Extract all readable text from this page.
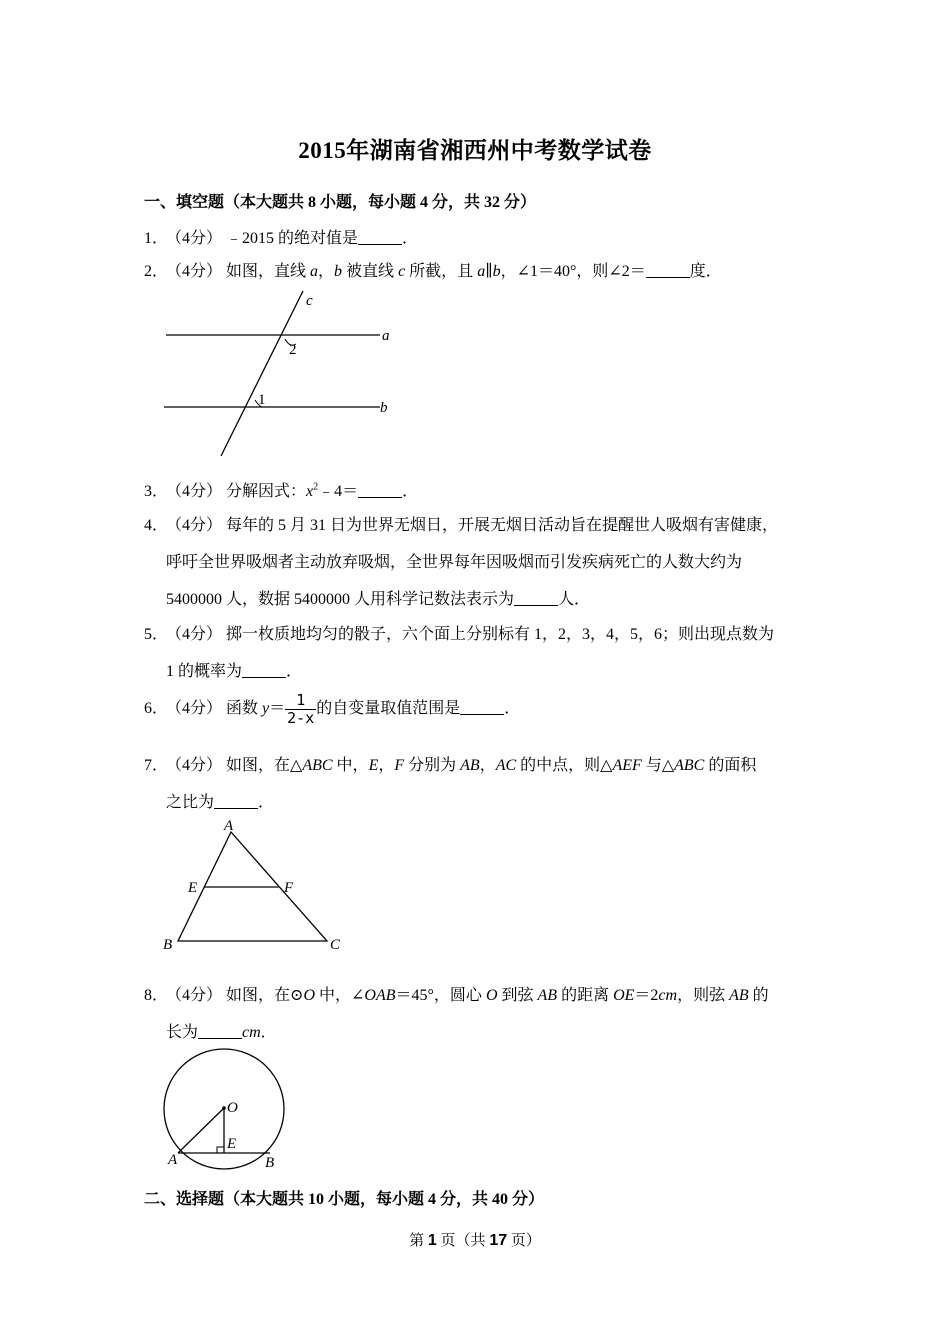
2015年湖南省湘西州中考数学试卷
一、填空题（本大题共 8 小题，每小题 4 分，共 32 分）
1．（4分） ﹣2015 的绝对值是	．
2．（4分） 如图，直线 a，b 被直线 c 所截，且 a∥b，∠1＝40°，则∠2＝	度．
c
a
2
1	b
3．（4分） 分解因式：$x^2﹣4=$	．
4．（4分） 每年的 5 月 31 日为世界无烟日，开展无烟日活动旨在提醒世人吸烟有害健康，
呼吁全世界吸烟者主动放弃吸烟，全世界每年因吸烟而引发疾病死亡的人数大约为
5400000 人，数据 5400000 人用科学记数法表示为	人．
5．（4分） 掷一枚质地均匀的骰子，六个面上分别标有 1，2，3，4，5，6；则出现点数为
1 的概率为	．
6．（4分） 函数 $y= \frac{1}{2-x}$ 的自变量取值范围是	．
7．（4分） 如图，在△ABC 中，E，F 分别为 AB，AC 的中点，则△AEF 与△ABC 的面积
之比为	．
A
E	F
B	C
8．（4分） 如图，在⊙O 中，∠OAB＝45°，圆心 O 到弦 AB 的距离 OE＝2cm，则弦 AB 的
长为	cm．
O
E
A	B
二、选择题（本大题共 10 小题，每小题 4 分，共 40 分）
第 1 页（共 17 页）
